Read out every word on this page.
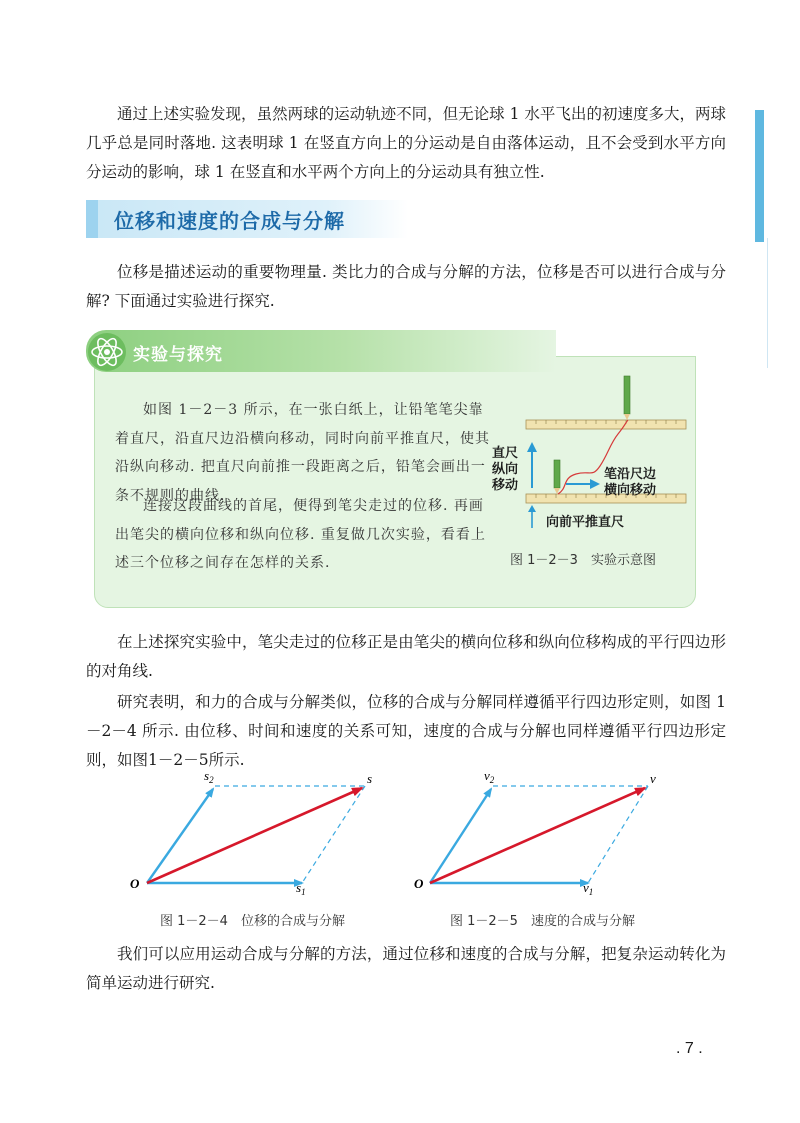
通过上述实验发现，虽然两球的运动轨迹不同，但无论球 1 水平飞出的初速度多大，两球几乎总是同时落地. 这表明球 1 在竖直方向上的分运动是自由落体运动，且不会受到水平方向分运动的影响，球 1 在竖直和水平两个方向上的分运动具有独立性.

位移和速度的合成与分解

位移是描述运动的重要物理量. 类比力的合成与分解的方法，位移是否可以进行合成与分解? 下面通过实验进行探究.

实验与探究

如图 1－2－3 所示，在一张白纸上，让铅笔笔尖靠着直尺，沿直尺边沿横向移动，同时向前平推直尺，使其沿纵向移动. 把直尺向前推一段距离之后，铅笔会画出一条不规则的曲线.

连接这段曲线的首尾，便得到笔尖走过的位移. 再画出笔尖的横向位移和纵向位移. 重复做几次实验，看看上述三个位移之间存在怎样的关系.

直尺
纵向
移动
笔沿尺边
横向移动
向前平推直尺
图 1－2－3　实验示意图

在上述探究实验中，笔尖走过的位移正是由笔尖的横向位移和纵向位移构成的平行四边形的对角线.

研究表明，和力的合成与分解类似，位移的合成与分解同样遵循平行四边形定则，如图 1－2－4 所示. 由位移、时间和速度的关系可知，速度的合成与分解也同样遵循平行四边形定则，如图1－2－5所示.

O
$s_2$
$s_1$
s
图 1－2－4　位移的合成与分解
O
$v_2$
$v_1$
v
图 1－2－5　速度的合成与分解

我们可以应用运动合成与分解的方法，通过位移和速度的合成与分解，把复杂运动转化为简单运动进行研究.

. 7 .
